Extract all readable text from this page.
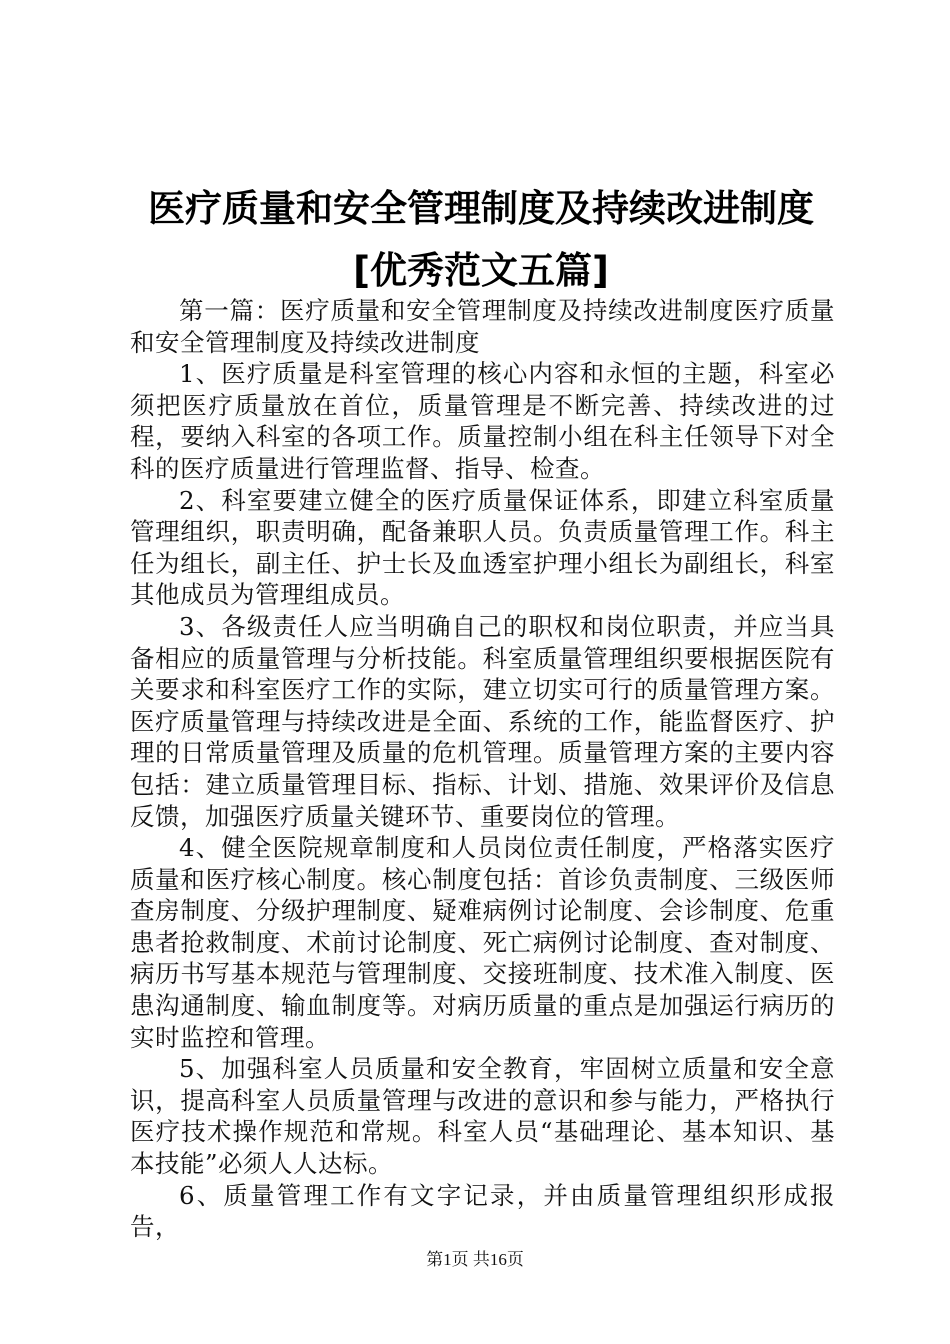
医疗质量和安全管理制度及持续改进制度[优秀范文五篇]

第一篇：医疗质量和安全管理制度及持续改进制度医疗质量和安全管理制度及持续改进制度

1、医疗质量是科室管理的核心内容和永恒的主题，科室必须把医疗质量放在首位，质量管理是不断完善、持续改进的过程，要纳入科室的各项工作。质量控制小组在科主任领导下对全科的医疗质量进行管理监督、指导、检查。

2、科室要建立健全的医疗质量保证体系，即建立科室质量管理组织，职责明确，配备兼职人员。负责质量管理工作。科主任为组长，副主任、护士长及血透室护理小组长为副组长，科室其他成员为管理组成员。

3、各级责任人应当明确自己的职权和岗位职责，并应当具备相应的质量管理与分析技能。科室质量管理组织要根据医院有关要求和科室医疗工作的实际，建立切实可行的质量管理方案。医疗质量管理与持续改进是全面、系统的工作，能监督医疗、护理的日常质量管理及质量的危机管理。质量管理方案的主要内容包括：建立质量管理目标、指标、计划、措施、效果评价及信息反馈，加强医疗质量关键环节、重要岗位的管理。

4、健全医院规章制度和人员岗位责任制度，严格落实医疗质量和医疗核心制度。核心制度包括：首诊负责制度、三级医师查房制度、分级护理制度、疑难病例讨论制度、会诊制度、危重患者抢救制度、术前讨论制度、死亡病例讨论制度、查对制度、病历书写基本规范与管理制度、交接班制度、技术准入制度、医患沟通制度、输血制度等。对病历质量的重点是加强运行病历的实时监控和管理。

5、加强科室人员质量和安全教育，牢固树立质量和安全意识，提高科室人员质量管理与改进的意识和参与能力，严格执行医疗技术操作规范和常规。科室人员“基础理论、基本知识、基本技能”必须人人达标。

6、质量管理工作有文字记录，并由质量管理组织形成报告，

第1页 共16页
